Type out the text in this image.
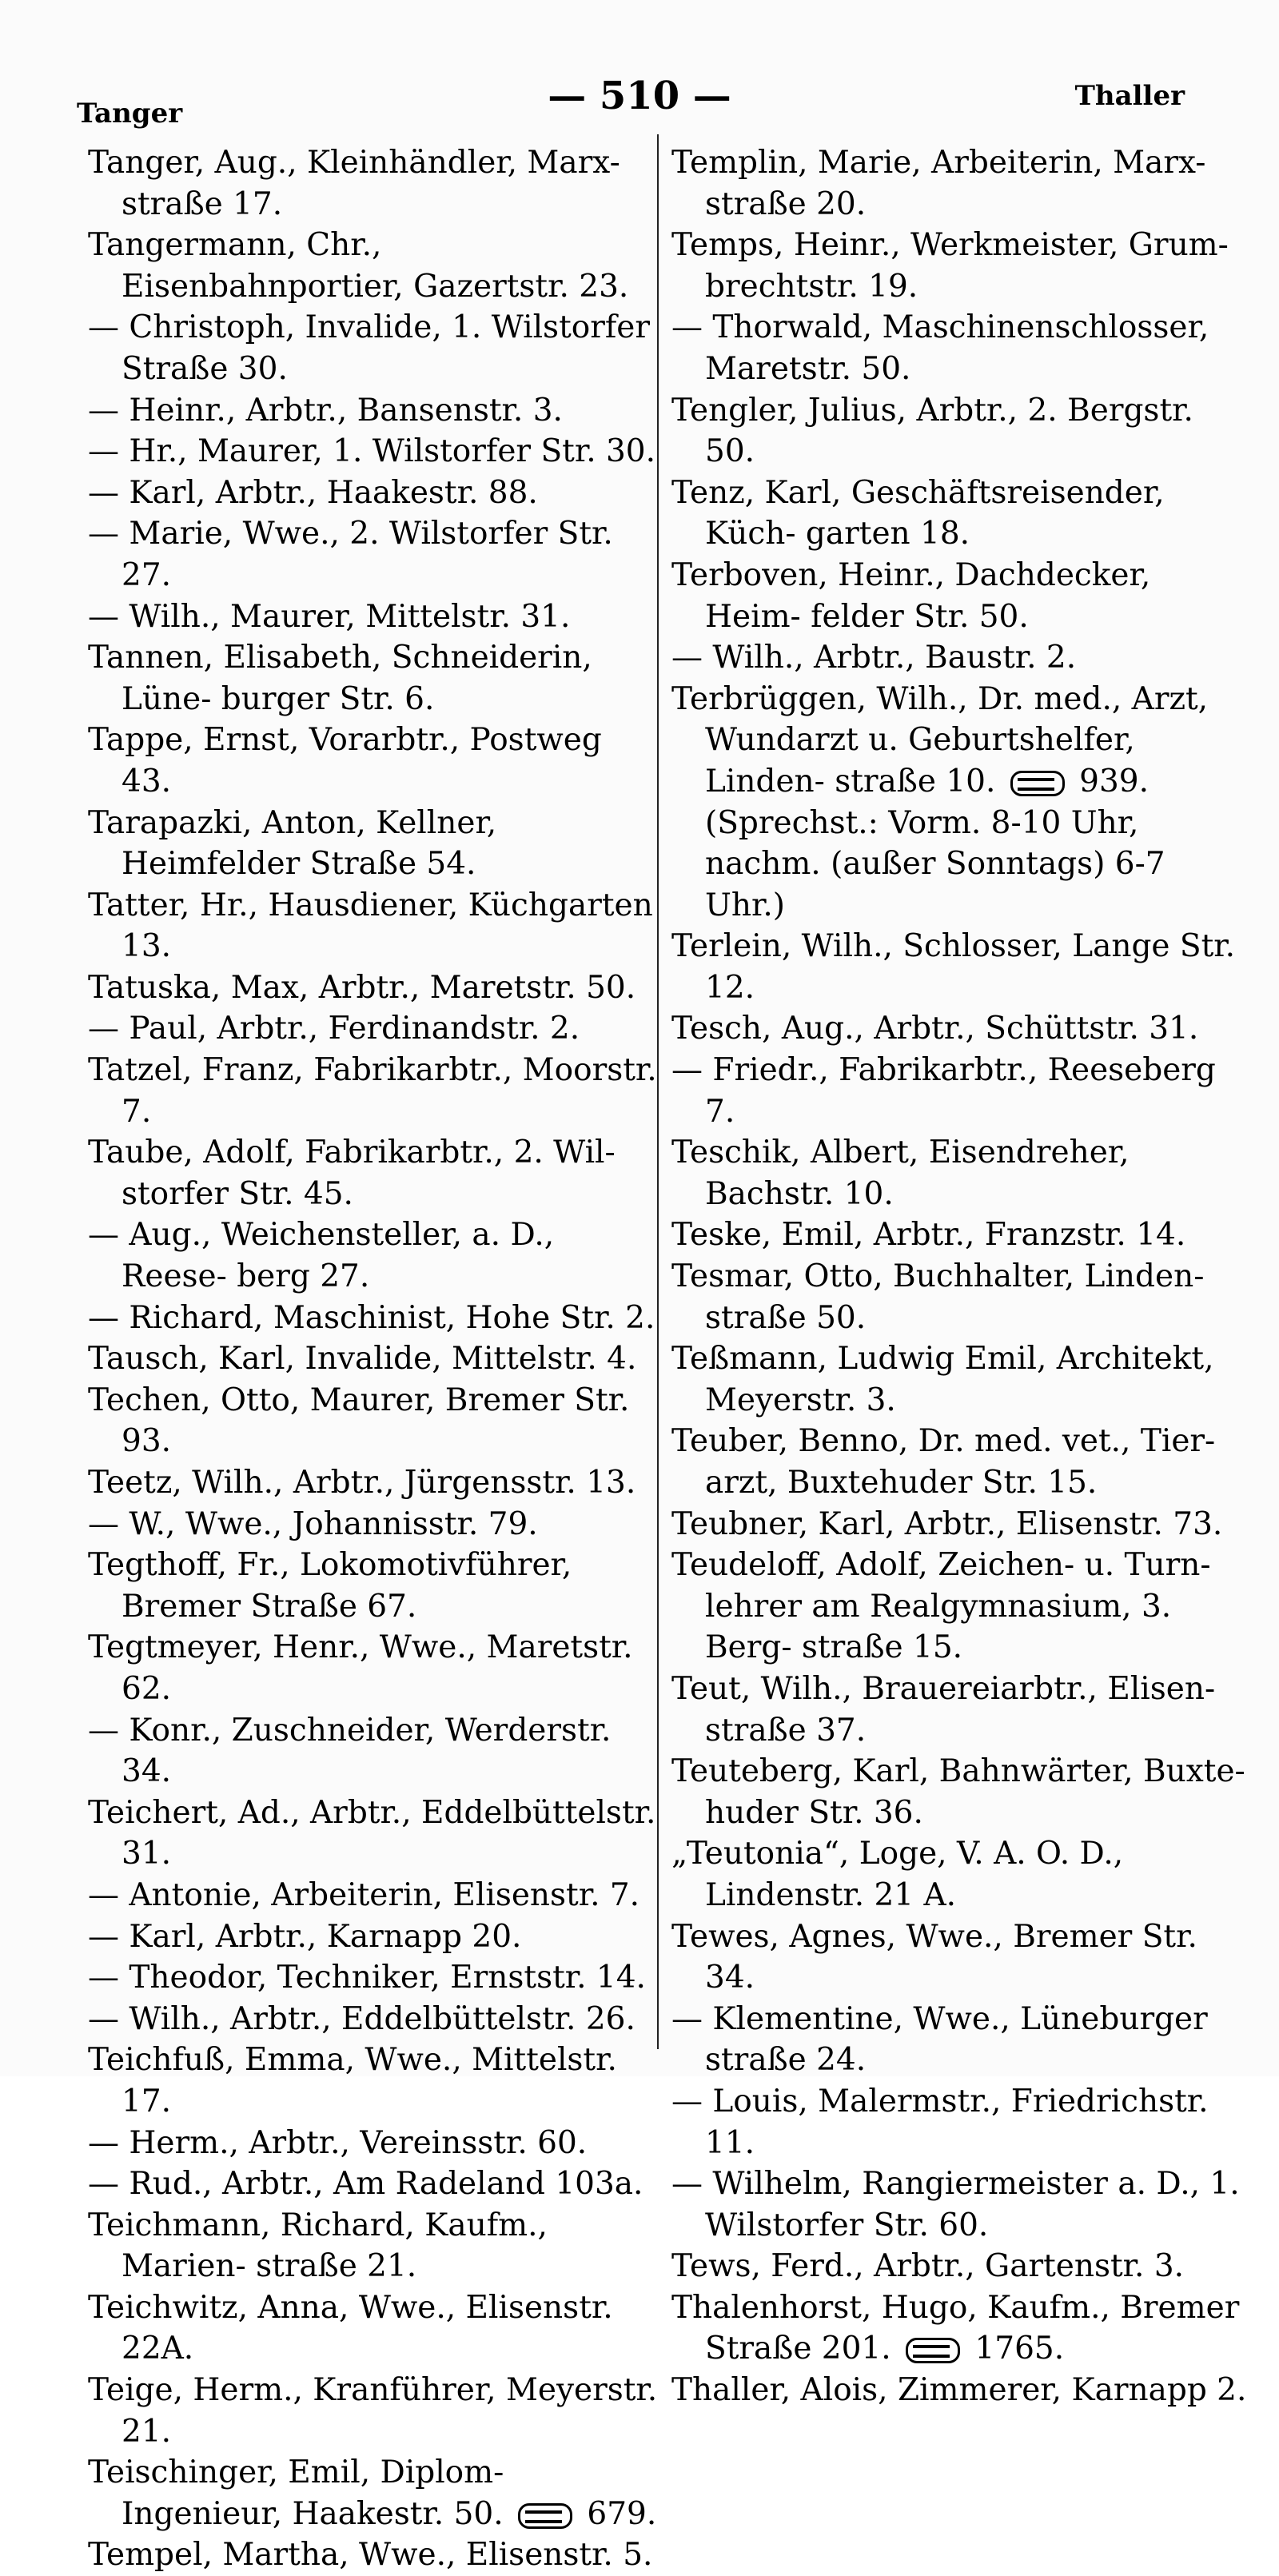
Tanger	— 510 —	Thaller
Tanger, Aug., Kleinhändler, Marx- straße 17.
Tangermann, Chr., Eisenbahnportier, Gazertstr. 23.
— Christoph, Invalide, 1. Wilstorfer Straße 30.
— Heinr., Arbtr., Bansenstr. 3.
— Hr., Maurer, 1. Wilstorfer Str. 30.
— Karl, Arbtr., Haakestr. 88.
— Marie, Wwe., 2. Wilstorfer Str. 27.
— Wilh., Maurer, Mittelstr. 31.
Tannen, Elisabeth, Schneiderin, Lüne- burger Str. 6.
Tappe, Ernst, Vorarbtr., Postweg 43.
Tarapazki, Anton, Kellner, Heimfelder Straße 54.
Tatter, Hr., Hausdiener, Küchgarten 13.
Tatuska, Max, Arbtr., Maretstr. 50.
— Paul, Arbtr., Ferdinandstr. 2.
Tatzel, Franz, Fabrikarbtr., Moorstr. 7.
Taube, Adolf, Fabrikarbtr., 2. Wil- storfer Str. 45.
— Aug., Weichensteller, a. D., Reese- berg 27.
— Richard, Maschinist, Hohe Str. 2.
Tausch, Karl, Invalide, Mittelstr. 4.
Techen, Otto, Maurer, Bremer Str. 93.
Teetz, Wilh., Arbtr., Jürgensstr. 13.
— W., Wwe., Johannisstr. 79.
Tegthoff, Fr., Lokomotivführer, Bremer Straße 67.
Tegtmeyer, Henr., Wwe., Maretstr. 62.
— Konr., Zuschneider, Werderstr. 34.
Teichert, Ad., Arbtr., Eddelbüttelstr. 31.
— Antonie, Arbeiterin, Elisenstr. 7.
— Karl, Arbtr., Karnapp 20.
— Theodor, Techniker, Ernststr. 14.
— Wilh., Arbtr., Eddelbüttelstr. 26.
Teichfuß, Emma, Wwe., Mittelstr. 17.
— Herm., Arbtr., Vereinsstr. 60.
— Rud., Arbtr., Am Radeland 103a.
Teichmann, Richard, Kaufm., Marien- straße 21.
Teichwitz, Anna, Wwe., Elisenstr. 22A.
Teige, Herm., Kranführer, Meyerstr. 21.
Teischinger, Emil, Diplom-Ingenieur, Haakestr. 50.  679.
Tempel, Martha, Wwe., Elisenstr. 5.
Templin, Marie, Arbeiterin, Marx- straße 20.
Temps, Heinr., Werkmeister, Grum- brechtstr. 19.
— Thorwald, Maschinenschlosser, Maretstr. 50.
Tengler, Julius, Arbtr., 2. Bergstr. 50.
Tenz, Karl, Geschäftsreisender, Küch- garten 18.
Terboven, Heinr., Dachdecker, Heim- felder Str. 50.
— Wilh., Arbtr., Baustr. 2.
Terbrüggen, Wilh., Dr. med., Arzt, Wundarzt u. Geburtshelfer, Linden- straße 10.  939. (Sprechst.: Vorm. 8-10 Uhr, nachm. (außer Sonntags) 6-7 Uhr.)
Terlein, Wilh., Schlosser, Lange Str. 12.
Tesch, Aug., Arbtr., Schüttstr. 31.
— Friedr., Fabrikarbtr., Reeseberg 7.
Teschik, Albert, Eisendreher, Bachstr. 10.
Teske, Emil, Arbtr., Franzstr. 14.
Tesmar, Otto, Buchhalter, Linden- straße 50.
Teßmann, Ludwig Emil, Architekt, Meyerstr. 3.
Teuber, Benno, Dr. med. vet., Tier- arzt, Buxtehuder Str. 15.
Teubner, Karl, Arbtr., Elisenstr. 73.
Teudeloff, Adolf, Zeichen- u. Turn- lehrer am Realgymnasium, 3. Berg- straße 15.
Teut, Wilh., Brauereiarbtr., Elisen- straße 37.
Teuteberg, Karl, Bahnwärter, Buxte- huder Str. 36.
„Teutonia“, Loge, V. A. O. D., Lindenstr. 21 A.
Tewes, Agnes, Wwe., Bremer Str. 34.
— Klementine, Wwe., Lüneburger straße 24.
— Louis, Malermstr., Friedrichstr. 11.
— Wilhelm, Rangiermeister a. D., 1. Wilstorfer Str. 60.
Tews, Ferd., Arbtr., Gartenstr. 3.
Thalenhorst, Hugo, Kaufm., Bremer Straße 201.  1765.
Thaller, Alois, Zimmerer, Karnapp 2.
